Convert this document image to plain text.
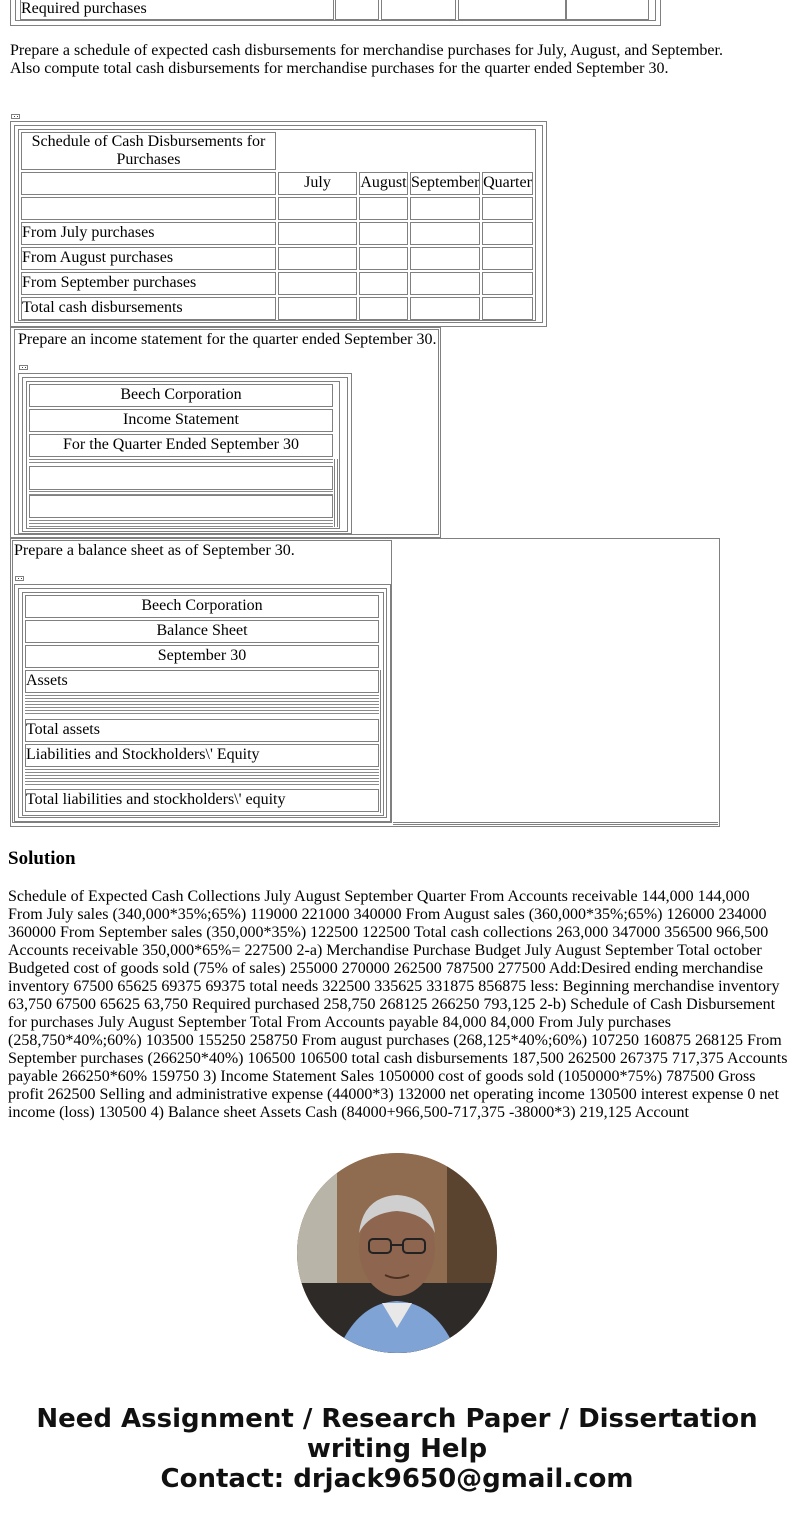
Required purchases

Prepare a schedule of expected cash disbursements for merchandise purchases for July, August, and September. Also compute total cash disbursements for merchandise purchases for the quarter ended September 30.

Schedule of Cash Disbursements for Purchases
July	August September Quarter
From July purchases
From August purchases
From September purchases
Total cash disbursements
Prepare an income statement for the quarter ended September 30.
Beech Corporation
Income Statement
For the Quarter Ended September 30
Prepare a balance sheet as of September 30.
Beech Corporation
Balance Sheet
September 30
Assets
Total assets
Liabilities and Stockholders\' Equity
Total liabilities and stockholders\' equity
Solution
Schedule of Expected Cash Collections July August September Quarter From Accounts receivable 144,000 144,000 From July sales (340,000*35%;65%) 119000 221000 340000 From August sales (360,000*35%;65%) 126000 234000 360000 From September sales (350,000*35%) 122500 122500 Total cash collections 263,000 347000 356500 966,500 Accounts receivable 350,000*65%= 227500 2-a) Merchandise Purchase Budget July August September Total october Budgeted cost of goods sold (75% of sales) 255000 270000 262500 787500 277500 Add:Desired ending merchandise inventory 67500 65625 69375 69375 total needs 322500 335625 331875 856875 less: Beginning merchandise inventory 63,750 67500 65625 63,750 Required purchased 258,750 268125 266250 793,125 2-b) Schedule of Cash Disbursement for purchases July August September Total From Accounts payable 84,000 84,000 From July purchases (258,750*40%;60%) 103500 155250 258750 From august purchases (268,125*40%;60%) 107250 160875 268125 From September purchases (266250*40%) 106500 106500 total cash disbursements 187,500 262500 267375 717,375 Accounts payable 266250*60% 159750 3) Income Statement Sales 1050000 cost of goods sold (1050000*75%) 787500 Gross profit 262500 Selling and administrative expense (44000*3) 132000 net operating income 130500 interest expense 0 net income (loss) 130500 4) Balance sheet Assets Cash (84000+966,500-717,375 -38000*3) 219,125 Account
Need Assignment / Research Paper / Dissertation
writing Help
Contact: drjack9650@gmail.com
